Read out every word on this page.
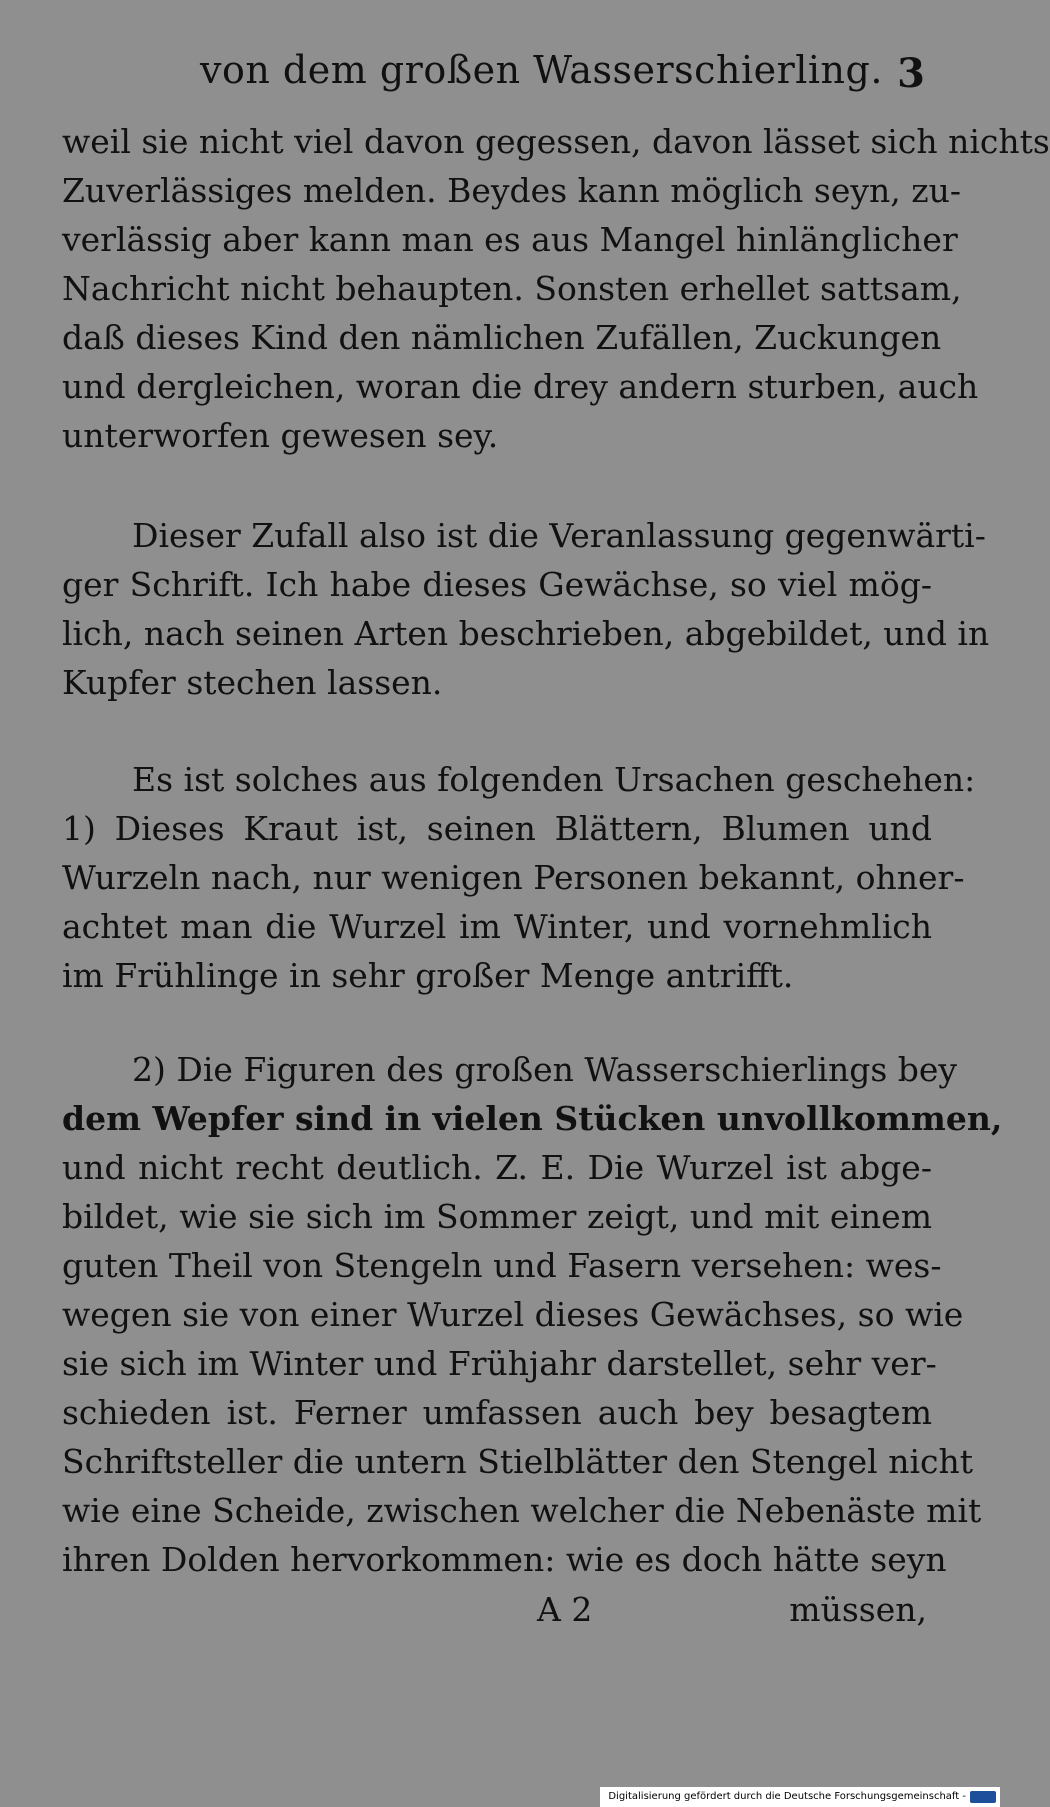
von dem großen Wasserschierling. 3
weil sie nicht viel davon gegessen, davon lässet sich nichts
Zuverlässiges melden. Beydes kann möglich seyn, zu-
verlässig aber kann man es aus Mangel hinlänglicher
Nachricht nicht behaupten. Sonsten erhellet sattsam,
daß dieses Kind den nämlichen Zufällen, Zuckungen
und dergleichen, woran die drey andern sturben, auch
unterworfen gewesen sey.
Dieser Zufall also ist die Veranlassung gegenwärti-
ger Schrift. Ich habe dieses Gewächse, so viel mög-
lich, nach seinen Arten beschrieben, abgebildet, und in
Kupfer stechen lassen.
Es ist solches aus folgenden Ursachen geschehen:
1) Dieses Kraut ist, seinen Blättern, Blumen und
Wurzeln nach, nur wenigen Personen bekannt, ohner-
achtet man die Wurzel im Winter, und vornehmlich
im Frühlinge in sehr großer Menge antrifft.
2) Die Figuren des großen Wasserschierlings bey
dem Wepfer sind in vielen Stücken unvollkommen,
und nicht recht deutlich. Z. E. Die Wurzel ist abge-
bildet, wie sie sich im Sommer zeigt, und mit einem
guten Theil von Stengeln und Fasern versehen: wes-
wegen sie von einer Wurzel dieses Gewächses, so wie
sie sich im Winter und Frühjahr darstellet, sehr ver-
schieden ist. Ferner umfassen auch bey besagtem
Schriftsteller die untern Stielblätter den Stengel nicht
wie eine Scheide, zwischen welcher die Nebenäste mit
ihren Dolden hervorkommen: wie es doch hätte seyn
A 2	müssen,
Digitalisierung gefördert durch die Deutsche Forschungsgemeinschaft -
